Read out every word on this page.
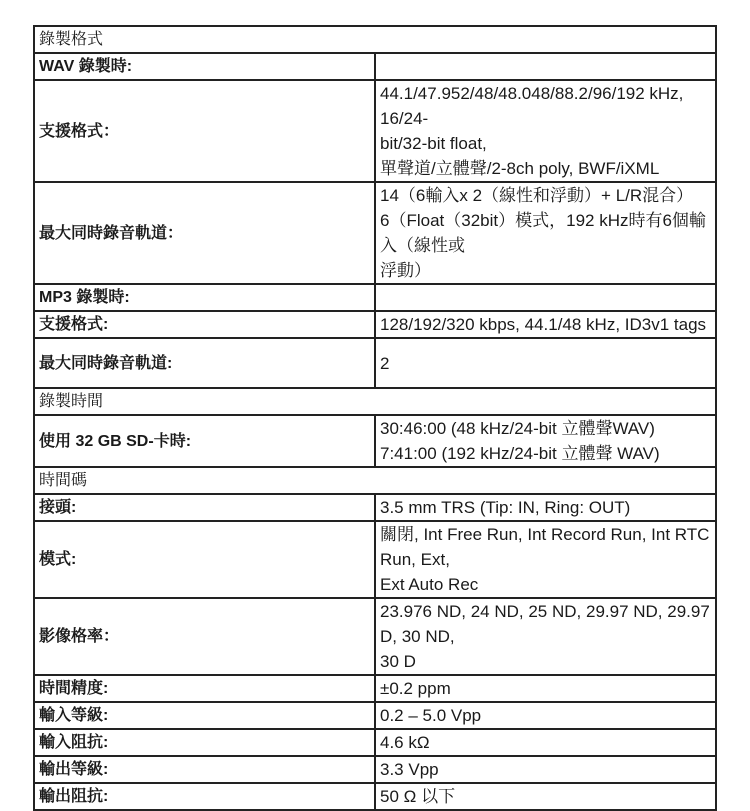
錄製格式	
WAV 錄製時:	
支援格式：	44.1/47.952/48/48.048/88.2/96/192 kHz, 16/24-
bit/32-bit float,
單聲道/立體聲/2-8ch poly, BWF/iXML

最大同時錄音軌道：	14（6輸入x 2（線性和浮動）+ L/R混合）
6（Float（32bit）模式，192 kHz時有6個輸入（線性或
浮動）

MP3 錄製時:	
支援格式:	128/192/320 kbps, 44.1/48 kHz, ID3v1 tags
最大同時錄音軌道:	2
錄製時間	
使用 32 GB SD-卡時:	30:46:00 (48 kHz/24-bit 立體聲WAV)
7:41:00 (192 kHz/24-bit 立體聲 WAV)

時間碼	
接頭:	3.5 mm TRS (Tip: IN, Ring: OUT)
模式:	關閉, Int Free Run, Int Record Run, Int RTC Run, Ext,
Ext Auto Rec

影像格率：	23.976 ND, 24 ND, 25 ND, 29.97 ND, 29.97 D, 30 ND,
30 D

時間精度:	±0.2 ppm
輸入等級:	0.2 – 5.0 Vpp
輸入阻抗:	4.6 kΩ
輸出等級:	3.3 Vpp
輸出阻抗:	50 Ω 以下
